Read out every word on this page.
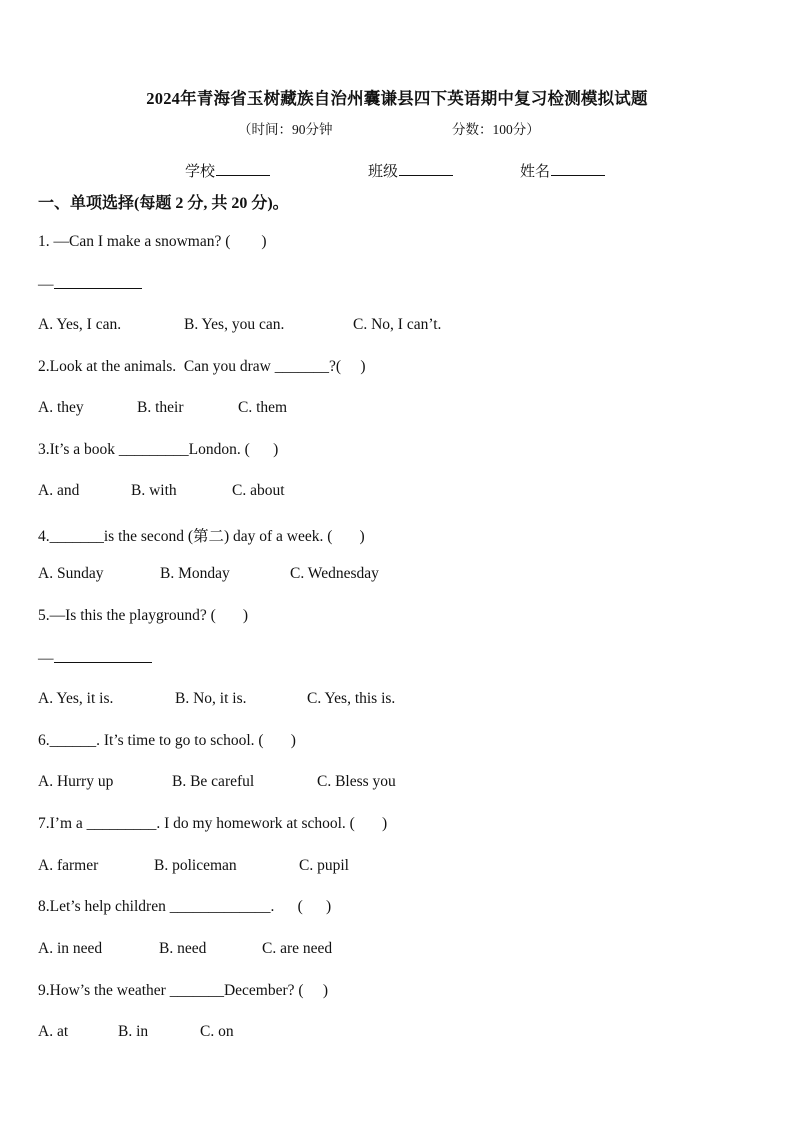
2024年青海省玉树藏族自治州囊谦县四下英语期中复习检测模拟试题
（时间：90分钟	分数：100分）
学校	班级	姓名
一、单项选择(每题 2 分, 共 20 分)。
1. —Can I make a snowman? (        )
—
A. Yes, I can.	B. Yes, you can.	C. No, I can’t.
2.Look at the animals.  Can you draw _______?(     )
A. they	B. their	C. them
3.It’s a book _________London. (      )
A. and	B. with	C. about
4._______is the second (第二) day of a week. (       )
A. Sunday	B. Monday	C. Wednesday
5.—Is this the playground? (       )
—
A. Yes, it is.	B. No, it is.	C. Yes, this is.
6.______. It’s time to go to school. (       )
A. Hurry up	B. Be careful	C. Bless you
7.I’m a _________. I do my homework at school. (       )
A. farmer	B. policeman	C. pupil
8.Let’s help children _____________.      (      )
A. in need	B. need	C. are need
9.How’s the weather _______December? (     )
A. at	B. in	C. on
